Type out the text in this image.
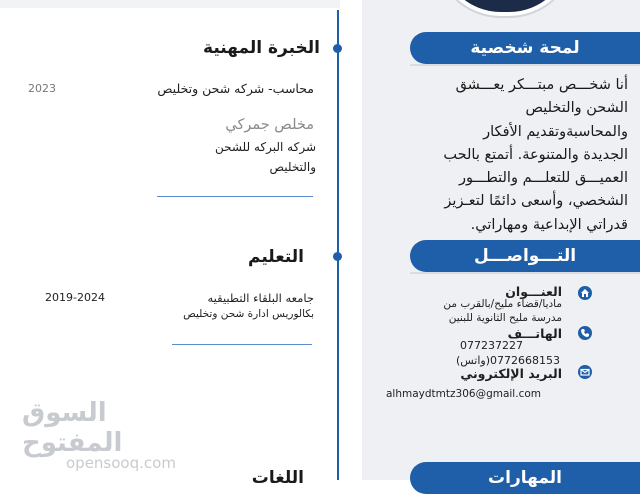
لمحة شخصية
أنا شخـــص مبتـــكر يعـــشق
الشحن والتخليص
والمحاسبةوتقديم الأفكار
الجديدة والمتنوعة. أتمتع بالحب
العميـــق للتعلـــم والتطـــور
الشخصي، وأسعى دائمًا لتعـزيز
قدراتي الإبداعية ومهاراتي.
التـــواصـــل
العنـــوان
ماديا/قضاء مليح/بالقرب من
مدرسة مليح الثانوية للبنين
الهاتـــف
077237227
0772668153(واتس)
البريد الإلكتروني
alhmaydtmtz306@gmail.com
المهارات
الخبرة المهنية
محاسب- شركه شحن وتخليص
2023
مخلص جمركي
شركه البركه للشحن
والتخليص
التعليم
جامعه البلقاء التطبيقيه
2019-2024
بكالوريس ادارة شحن وتخليص
اللغات
السوق المفتوح
opensooq.com
